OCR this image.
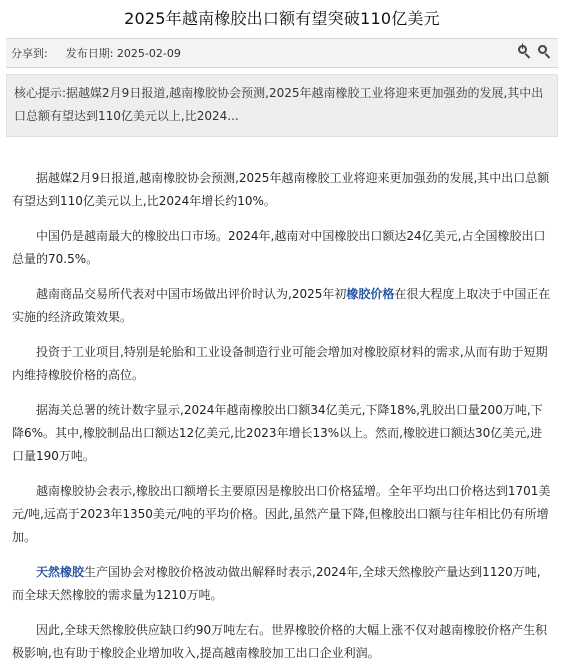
2025年越南橡胶出口额有望突破110亿美元
分享到: 发布日期: 2025-02-09	+ −
核心提示:据越媒2月9日报道,越南橡胶协会预测,2025年越南橡胶工业将迎来更加强劲的发展,其中出口总额有望达到110亿美元以上,比2024...

据越媒2月9日报道,越南橡胶协会预测,2025年越南橡胶工业将迎来更加强劲的发展,其中出口总额有望达到110亿美元以上,比2024年增长约10%。

中国仍是越南最大的橡胶出口市场。2024年,越南对中国橡胶出口额达24亿美元,占全国橡胶出口总量的70.5%。

越南商品交易所代表对中国市场做出评价时认为,2025年初橡胶价格在很大程度上取决于中国正在实施的经济政策效果。

投资于工业项目,特别是轮胎和工业设备制造行业可能会增加对橡胶原材料的需求,从而有助于短期内维持橡胶价格的高位。

据海关总署的统计数字显示,2024年越南橡胶出口额34亿美元,下降18%,乳胶出口量200万吨,下降6%。其中,橡胶制品出口额达12亿美元,比2023年增长13%以上。然而,橡胶进口额达30亿美元,进口量190万吨。

越南橡胶协会表示,橡胶出口额增长主要原因是橡胶出口价格猛增。全年平均出口价格达到1701美元/吨,远高于2023年1350美元/吨的平均价格。因此,虽然产量下降,但橡胶出口额与往年相比仍有所增加。

天然橡胶生产国协会对橡胶价格波动做出解释时表示,2024年,全球天然橡胶产量达到1120万吨,而全球天然橡胶的需求量为1210万吨。

因此,全球天然橡胶供应缺口约90万吨左右。世界橡胶价格的大幅上涨不仅对越南橡胶价格产生积极影响,也有助于橡胶企业增加收入,提高越南橡胶加工出口企业利润。
